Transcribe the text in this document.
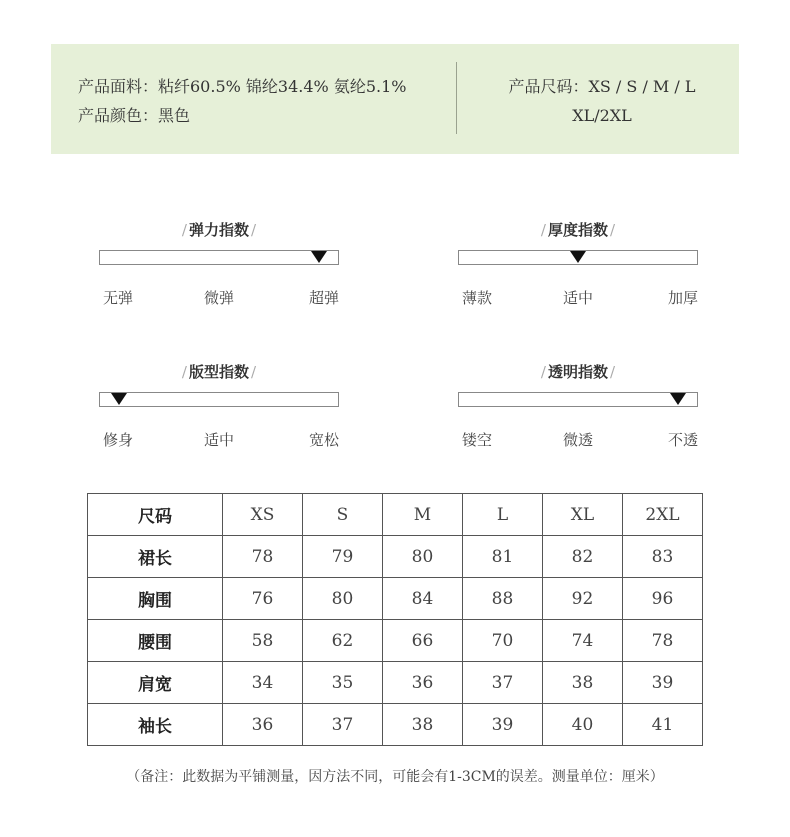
产品面料：粘纤60.5% 锦纶34.4% 氨纶5.1%
产品颜色：黑色
产品尺码：XS / S / M / L
XL/2XL
/ 弹力指数 /
无弹	微弹	超弹
/ 厚度指数 /
薄款	适中	加厚
/ 版型指数 /
修身	适中	宽松
/ 透明指数 /
镂空	微透	不透
尺码	XS	S	M	L	XL	2XL
裙长	78	79	80	81	82	83
胸围	76	80	84	88	92	96
腰围	58	62	66	70	74	78
肩宽	34	35	36	37	38	39
袖长	36	37	38	39	40	41
（备注：此数据为平铺测量，因方法不同，可能会有1-3CM的误差。测量单位：厘米）
